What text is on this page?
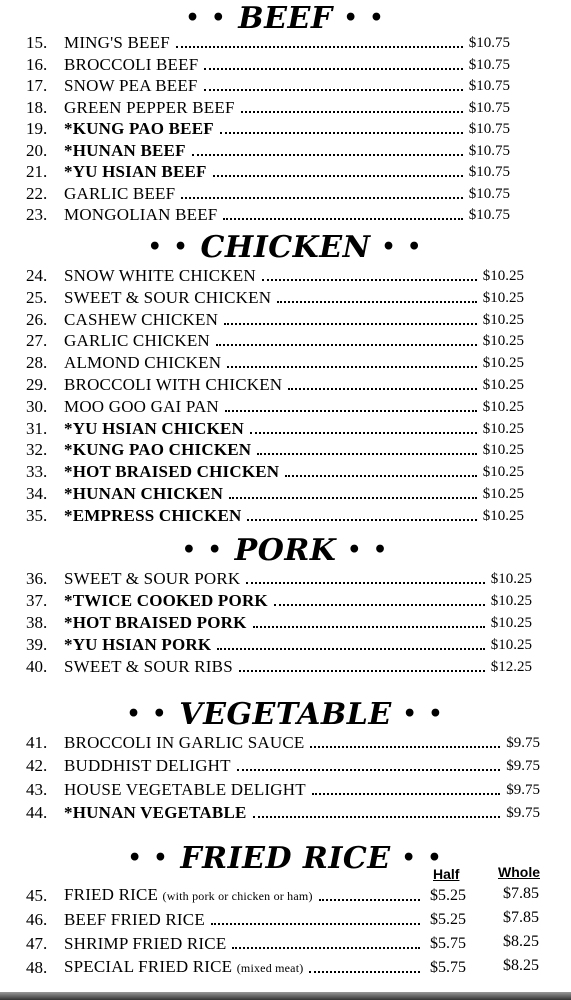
• • BEEF • •
15. MING'S BEEF	$10.75
16. BROCCOLI BEEF	$10.75
17. SNOW PEA BEEF	$10.75
18. GREEN PEPPER BEEF	$10.75
19. *KUNG PAO BEEF	$10.75
20. *HUNAN BEEF	$10.75
21. *YU HSIAN BEEF	$10.75
22. GARLIC BEEF	$10.75
23. MONGOLIAN BEEF	$10.75
• • CHICKEN • •
24. SNOW WHITE CHICKEN	$10.25
25. SWEET & SOUR CHICKEN	$10.25
26. CASHEW CHICKEN	$10.25
27. GARLIC CHICKEN	$10.25
28. ALMOND CHICKEN	$10.25
29. BROCCOLI WITH CHICKEN	$10.25
30. MOO GOO GAI PAN	$10.25
31. *YU HSIAN CHICKEN	$10.25
32. *KUNG PAO CHICKEN	$10.25
33. *HOT BRAISED CHICKEN	$10.25
34. *HUNAN CHICKEN	$10.25
35. *EMPRESS CHICKEN	$10.25
• • PORK • •
36. SWEET & SOUR PORK	$10.25
37. *TWICE COOKED PORK	$10.25
38. *HOT BRAISED PORK	$10.25
39. *YU HSIAN PORK	$10.25
40. SWEET & SOUR RIBS	$12.25
• • VEGETABLE • •
41. BROCCOLI IN GARLIC SAUCE	$9.75
42. BUDDHIST DELIGHT	$9.75
43. HOUSE VEGETABLE DELIGHT	$9.75
44. *HUNAN VEGETABLE	$9.75
• • FRIED RICE • •
Half	Whole
45. FRIED RICE (with pork or chicken or ham)	$5.25 $7.85
46. BEEF FRIED RICE	$5.25 $7.85
47. SHRIMP FRIED RICE	$5.75 $8.25
48. SPECIAL FRIED RICE (mixed meat)	$5.75 $8.25
